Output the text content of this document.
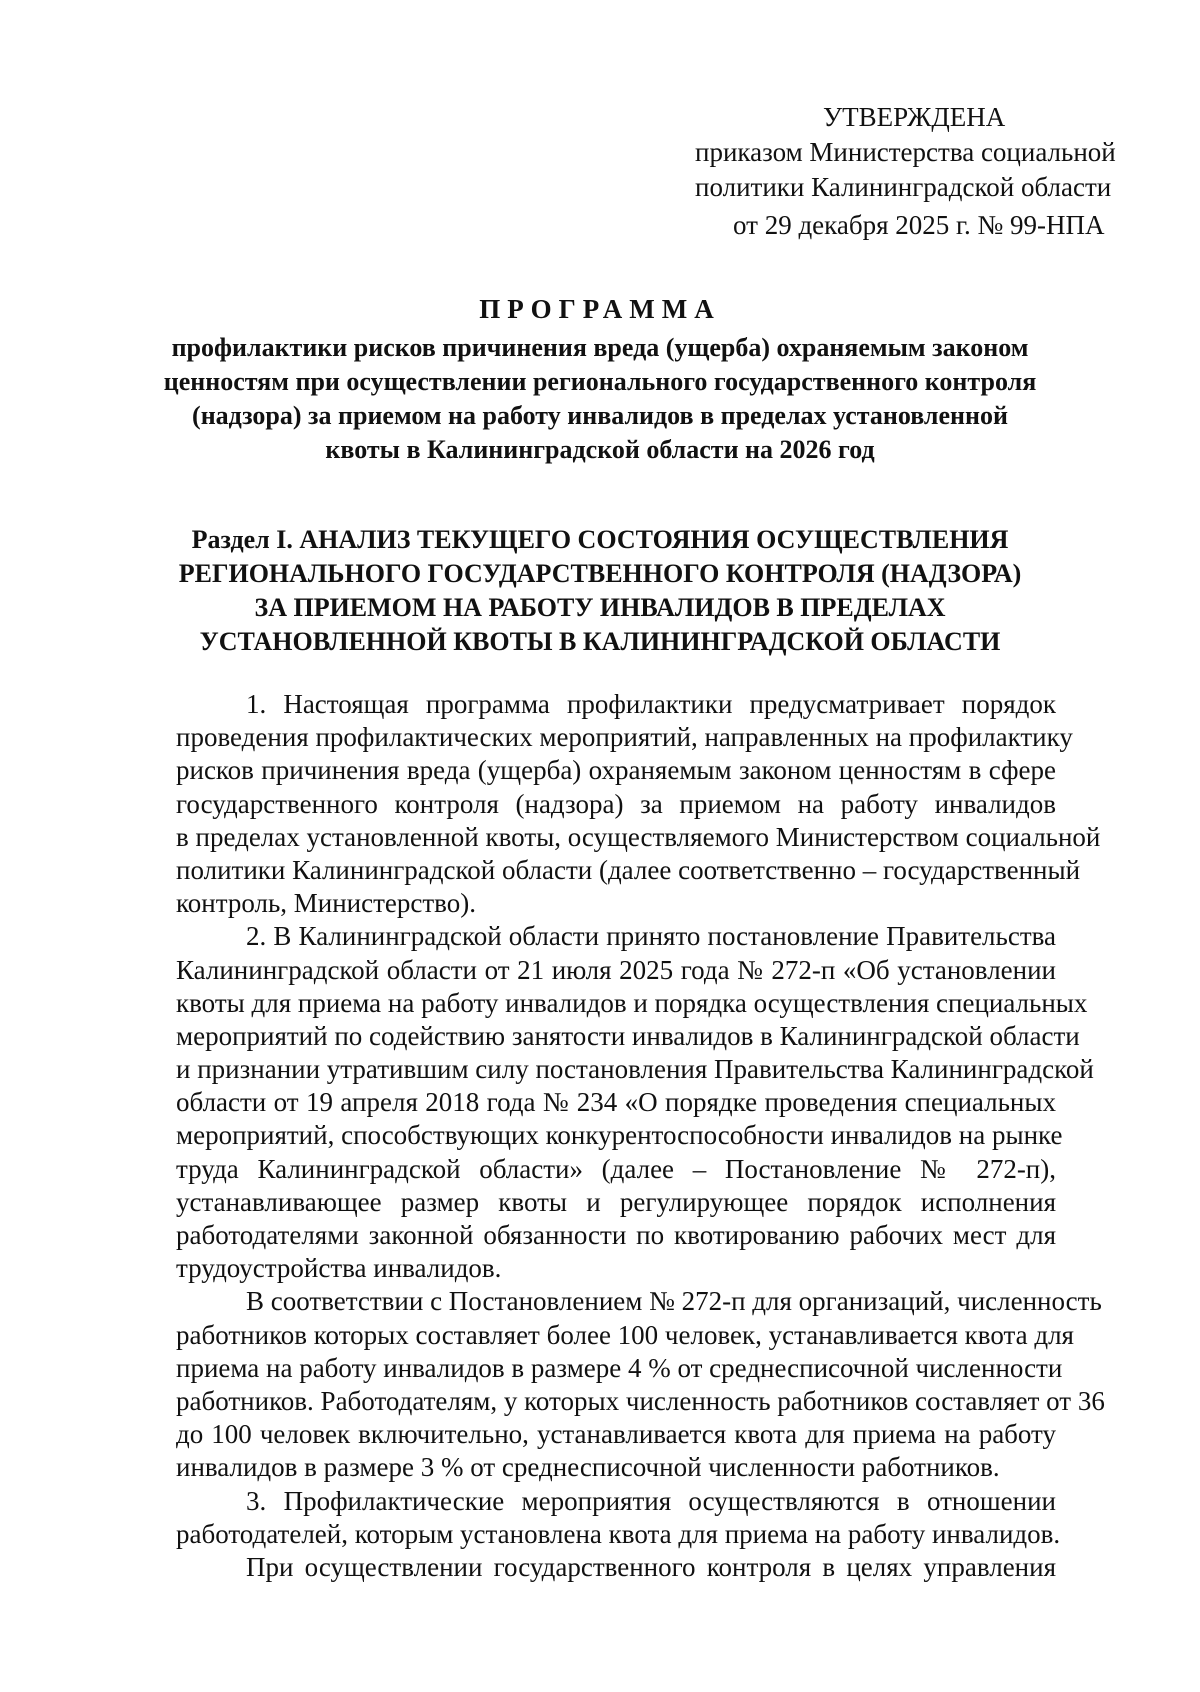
УТВЕРЖДЕНА
приказом Министерства социальной
политики Калининградской области
от 29 декабря 2025 г. № 99-НПА
ПРОГРАММА
профилактики рисков причинения вреда (ущерба) охраняемым законом
ценностям при осуществлении регионального государственного контроля
(надзора) за приемом на работу инвалидов в пределах установленной
квоты в Калининградской области на 2026 год
Раздел I. АНАЛИЗ ТЕКУЩЕГО СОСТОЯНИЯ ОСУЩЕСТВЛЕНИЯ
РЕГИОНАЛЬНОГО ГОСУДАРСТВЕННОГО КОНТРОЛЯ (НАДЗОРА)
ЗА ПРИЕМОМ НА РАБОТУ ИНВАЛИДОВ В ПРЕДЕЛАХ
УСТАНОВЛЕННОЙ КВОТЫ В КАЛИНИНГРАДСКОЙ ОБЛАСТИ
1. Настоящая программа профилактики предусматривает порядок
проведения профилактических мероприятий, направленных на профилактику
рисков причинения вреда (ущерба) охраняемым законом ценностям в сфере
государственного контроля (надзора) за приемом на работу инвалидов
в пределах установленной квоты, осуществляемого Министерством социальной
политики Калининградской области (далее соответственно – государственный
контроль, Министерство).
2. В Калининградской области принято постановление Правительства
Калининградской области от 21 июля 2025 года № 272-п «Об установлении
квоты для приема на работу инвалидов и порядка осуществления специальных
мероприятий по содействию занятости инвалидов в Калининградской области
и признании утратившим силу постановления Правительства Калининградской
области от 19 апреля 2018 года № 234 «О порядке проведения специальных
мероприятий, способствующих конкурентоспособности инвалидов на рынке
труда Калининградской области» (далее – Постановление № 272-п),
устанавливающее размер квоты и регулирующее порядок исполнения
работодателями законной обязанности по квотированию рабочих мест для
трудоустройства инвалидов.
В соответствии с Постановлением № 272-п для организаций, численность
работников которых составляет более 100 человек, устанавливается квота для
приема на работу инвалидов в размере 4 % от среднесписочной численности
работников. Работодателям, у которых численность работников составляет от 36
до 100 человек включительно, устанавливается квота для приема на работу
инвалидов в размере 3 % от среднесписочной численности работников.
3. Профилактические мероприятия осуществляются в отношении
работодателей, которым установлена квота для приема на работу инвалидов.
При осуществлении государственного контроля в целях управления
